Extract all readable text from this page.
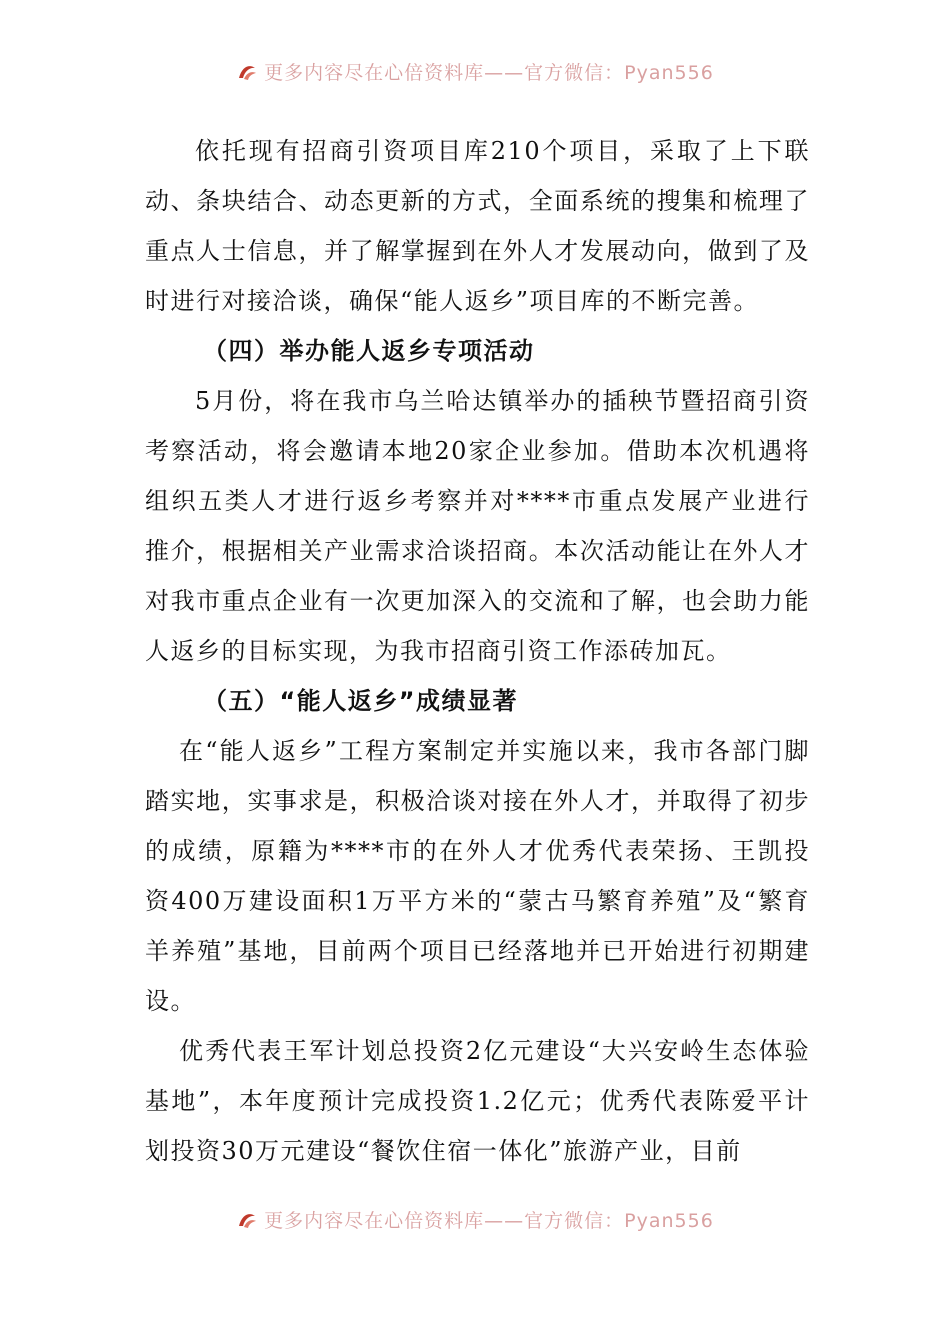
更多内容尽在心倍资料库——官方微信：Pyan556

依托现有招商引资项目库210个项目，采取了上下联动、条块结合、动态更新的方式，全面系统的搜集和梳理了重点人士信息，并了解掌握到在外人才发展动向，做到了及时进行对接洽谈，确保“能人返乡”项目库的不断完善。

（四）举办能人返乡专项活动

5月份，将在我市乌兰哈达镇举办的插秧节暨招商引资考察活动，将会邀请本地20家企业参加。借助本次机遇将组织五类人才进行返乡考察并对****市重点发展产业进行推介，根据相关产业需求洽谈招商。本次活动能让在外人才对我市重点企业有一次更加深入的交流和了解，也会助力能人返乡的目标实现，为我市招商引资工作添砖加瓦。

（五）“能人返乡”成绩显著

在“能人返乡”工程方案制定并实施以来，我市各部门脚踏实地，实事求是，积极洽谈对接在外人才，并取得了初步的成绩，原籍为****市的在外人才优秀代表荣扬、王凯投资400万建设面积1万平方米的“蒙古马繁育养殖”及“繁育羊养殖”基地，目前两个项目已经落地并已开始进行初期建设。

优秀代表王军计划总投资2亿元建设“大兴安岭生态体验基地”，本年度预计完成投资1.2亿元；优秀代表陈爱平计划投资30万元建设“餐饮住宿一体化”旅游产业，目前

更多内容尽在心倍资料库——官方微信：Pyan556
